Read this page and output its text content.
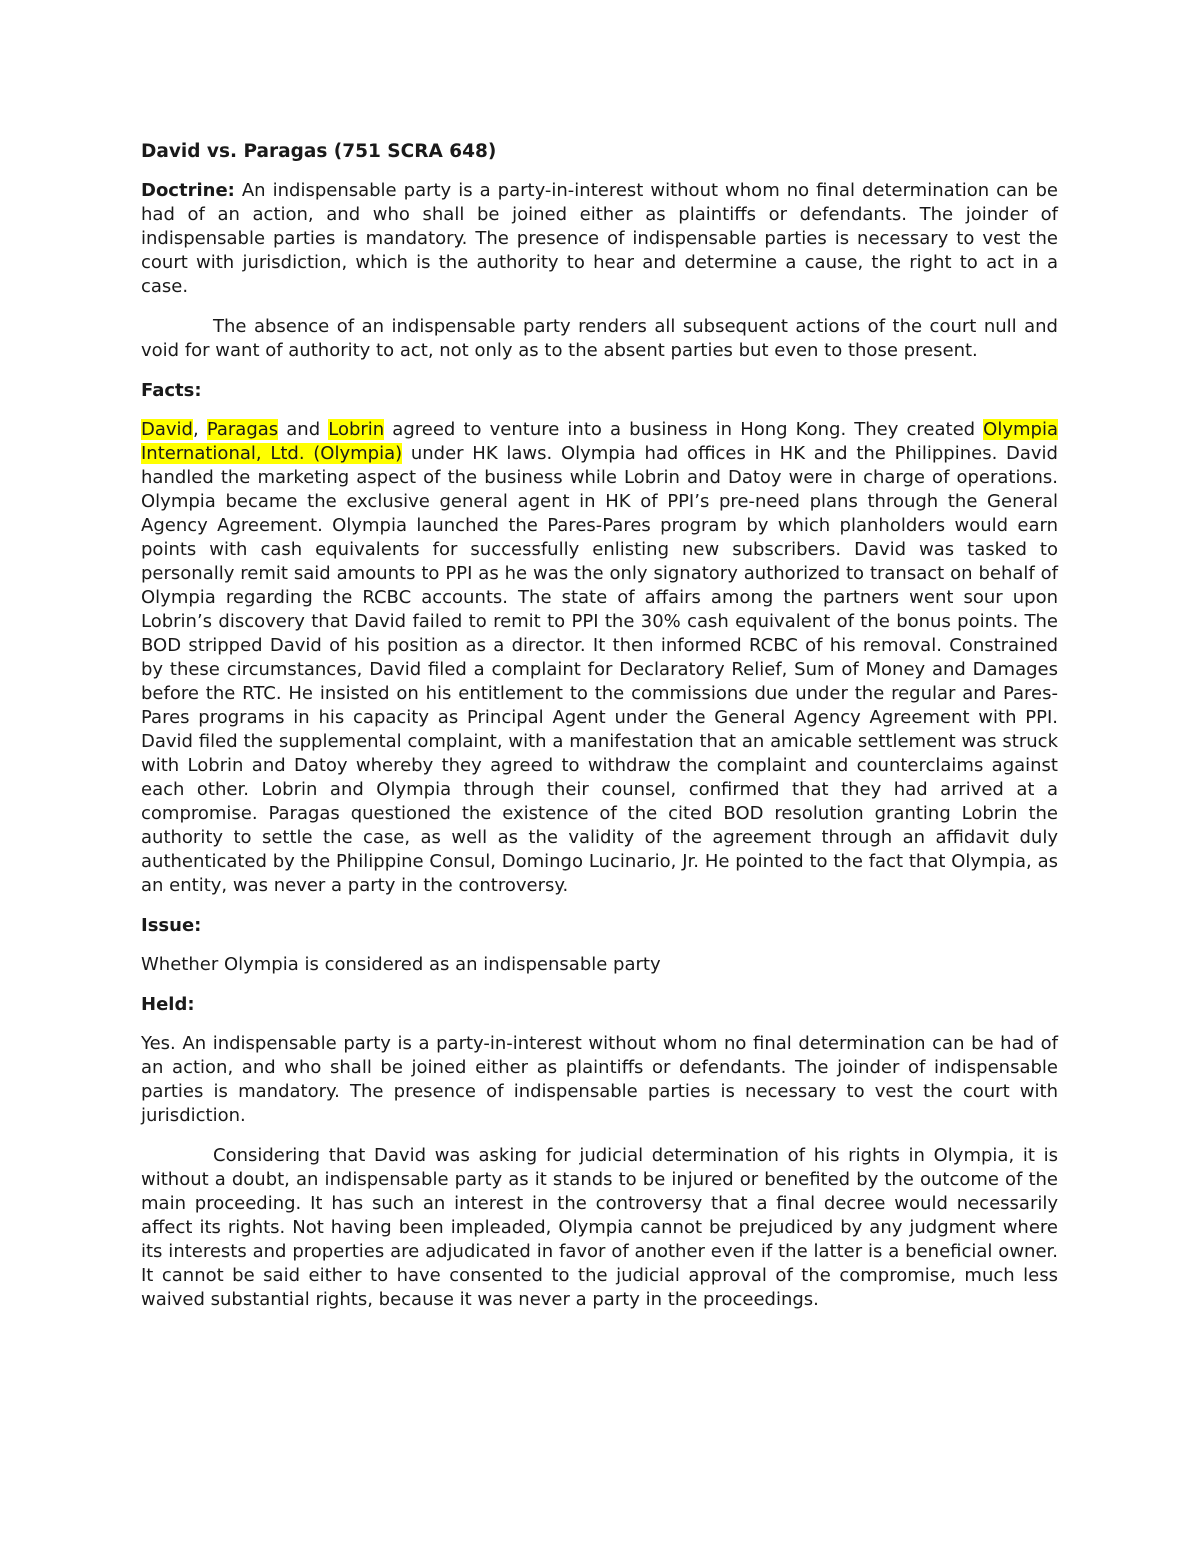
David vs. Paragas (751 SCRA 648)

Doctrine: An indispensable party is a party-in-interest without whom no final determination can be had of an action, and who shall be joined either as plaintiffs or defendants. The joinder of indispensable parties is mandatory. The presence of indispensable parties is necessary to vest the court with jurisdiction, which is the authority to hear and determine a cause, the right to act in a case.

The absence of an indispensable party renders all subsequent actions of the court null and void for want of authority to act, not only as to the absent parties but even to those present.

Facts:

David, Paragas and Lobrin agreed to venture into a business in Hong Kong. They created Olympia International, Ltd. (Olympia) under HK laws. Olympia had offices in HK and the Philippines. David handled the marketing aspect of the business while Lobrin and Datoy were in charge of operations. Olympia became the exclusive general agent in HK of PPI’s pre-need plans through the General Agency Agreement. Olympia launched the Pares-Pares program by which planholders would earn points with cash equivalents for successfully enlisting new subscribers. David was tasked to personally remit said amounts to PPI as he was the only signatory authorized to transact on behalf of Olympia regarding the RCBC accounts. The state of affairs among the partners went sour upon Lobrin’s discovery that David failed to remit to PPI the 30% cash equivalent of the bonus points. The BOD stripped David of his position as a director. It then informed RCBC of his removal. Constrained by these circumstances, David filed a complaint for Declaratory Relief, Sum of Money and Damages before the RTC. He insisted on his entitlement to the commissions due under the regular and Pares-Pares programs in his capacity as Principal Agent under the General Agency Agreement with PPI. David filed the supplemental complaint, with a manifestation that an amicable settlement was struck with Lobrin and Datoy whereby they agreed to withdraw the complaint and counterclaims against each other. Lobrin and Olympia through their counsel, confirmed that they had arrived at a compromise. Paragas questioned the existence of the cited BOD resolution granting Lobrin the authority to settle the case, as well as the validity of the agreement through an affidavit duly authenticated by the Philippine Consul, Domingo Lucinario, Jr. He pointed to the fact that Olympia, as an entity, was never a party in the controversy.

Issue:

Whether Olympia is considered as an indispensable party

Held:

Yes. An indispensable party is a party-in-interest without whom no final determination can be had of an action, and who shall be joined either as plaintiffs or defendants. The joinder of indispensable parties is mandatory. The presence of indispensable parties is necessary to vest the court with jurisdiction.

Considering that David was asking for judicial determination of his rights in Olympia, it is without a doubt, an indispensable party as it stands to be injured or benefited by the outcome of the main proceeding. It has such an interest in the controversy that a final decree would necessarily affect its rights. Not having been impleaded, Olympia cannot be prejudiced by any judgment where its interests and properties are adjudicated in favor of another even if the latter is a beneficial owner. It cannot be said either to have consented to the judicial approval of the compromise, much less waived substantial rights, because it was never a party in the proceedings.
